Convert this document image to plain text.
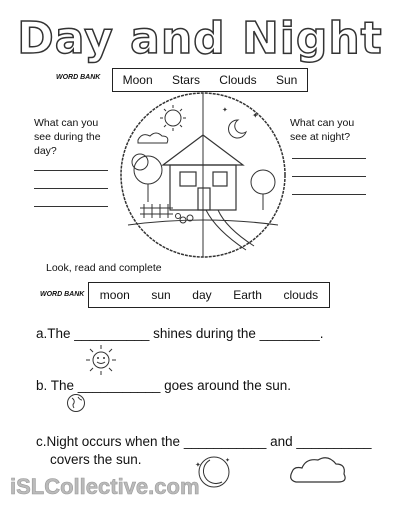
Day and Night
WORD BANK Moon Stars Clouds Sun
What can you see during the day?
What can you see at night?
✦
✦
Look, read and complete
WORD BANK moon sun day Earth clouds
a.The __________ shines during the ________.
b. The ___________ goes around the sun.
c.Night occurs when the ___________ and __________
covers the sun.	✦
✦
iSLCollective.com
